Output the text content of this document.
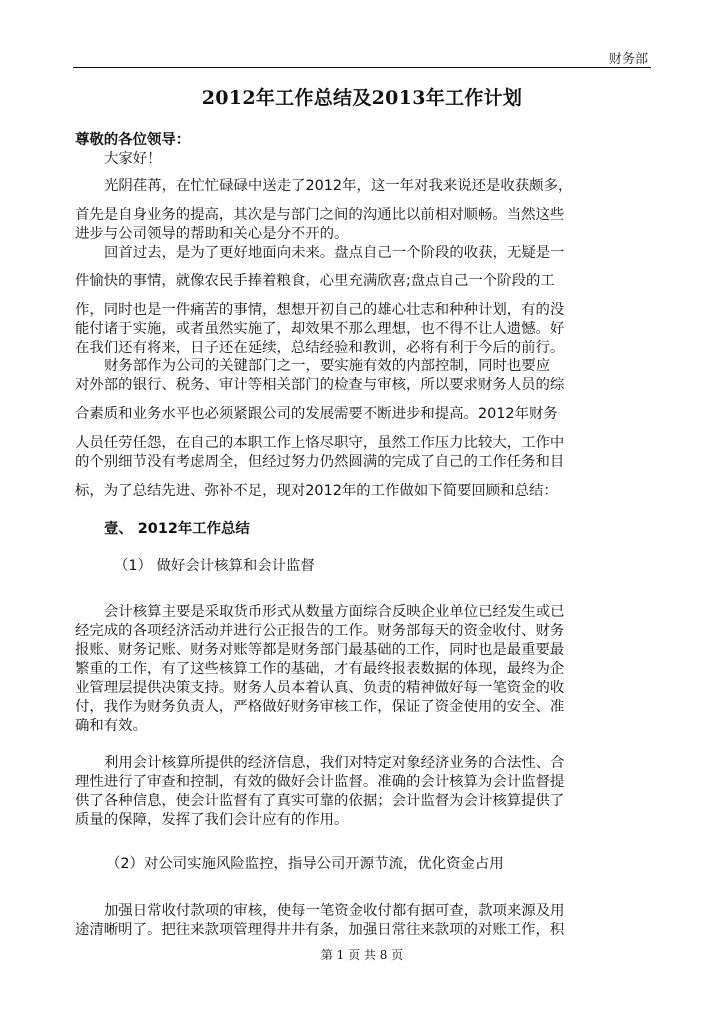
财务部
2012年工作总结及2013年工作计划
尊敬的各位领导：
大家好！
光阴荏苒，在忙忙碌碌中送走了2012年，这一年对我来说还是收获颇多，
首先是自身业务的提高，其次是与部门之间的沟通比以前相对顺畅。当然这些
进步与公司领导的帮助和关心是分不开的。
回首过去，是为了更好地面向未来。盘点自己一个阶段的收获，无疑是一
件愉快的事情，就像农民手捧着粮食，心里充满欣喜;盘点自己一个阶段的工
作，同时也是一件痛苦的事情，想想开初自己的雄心壮志和种种计划，有的没
能付诸于实施，或者虽然实施了，却效果不那么理想，也不得不让人遗憾。好
在我们还有将来，日子还在延续，总结经验和教训，必将有利于今后的前行。
财务部作为公司的关键部门之一，要实施有效的内部控制，同时也要应
对外部的银行、税务、审计等相关部门的检查与审核，所以要求财务人员的综
合素质和业务水平也必须紧跟公司的发展需要不断进步和提高。2012年财务
人员任劳任怨，在自己的本职工作上恪尽职守，虽然工作压力比较大，工作中
的个别细节没有考虑周全，但经过努力仍然圆满的完成了自己的工作任务和目
标，为了总结先进、弥补不足，现对2012年的工作做如下简要回顾和总结：
壹、 2012年工作总结
（1） 做好会计核算和会计监督
会计核算主要是采取货币形式从数量方面综合反映企业单位已经发生或已
经完成的各项经济活动并进行公正报告的工作。财务部每天的资金收付、财务
报账、财务记账、财务对账等都是财务部门最基础的工作，同时也是最重要最
繁重的工作，有了这些核算工作的基础，才有最终报表数据的体现，最终为企
业管理层提供决策支持。财务人员本着认真、负责的精神做好每一笔资金的收
付，我作为财务负责人，严格做好财务审核工作，保证了资金使用的安全、准
确和有效。
利用会计核算所提供的经济信息，我们对特定对象经济业务的合法性、合
理性进行了审查和控制，有效的做好会计监督。准确的会计核算为会计监督提
供了各种信息，使会计监督有了真实可靠的依据；会计监督为会计核算提供了
质量的保障，发挥了我们会计应有的作用。
（2）对公司实施风险监控，指导公司开源节流，优化资金占用
加强日常收付款项的审核，使每一笔资金收付都有据可查，款项来源及用
途清晰明了。把往来款项管理得井井有条，加强日常往来款项的对账工作，积
第 1 页 共 8 页
